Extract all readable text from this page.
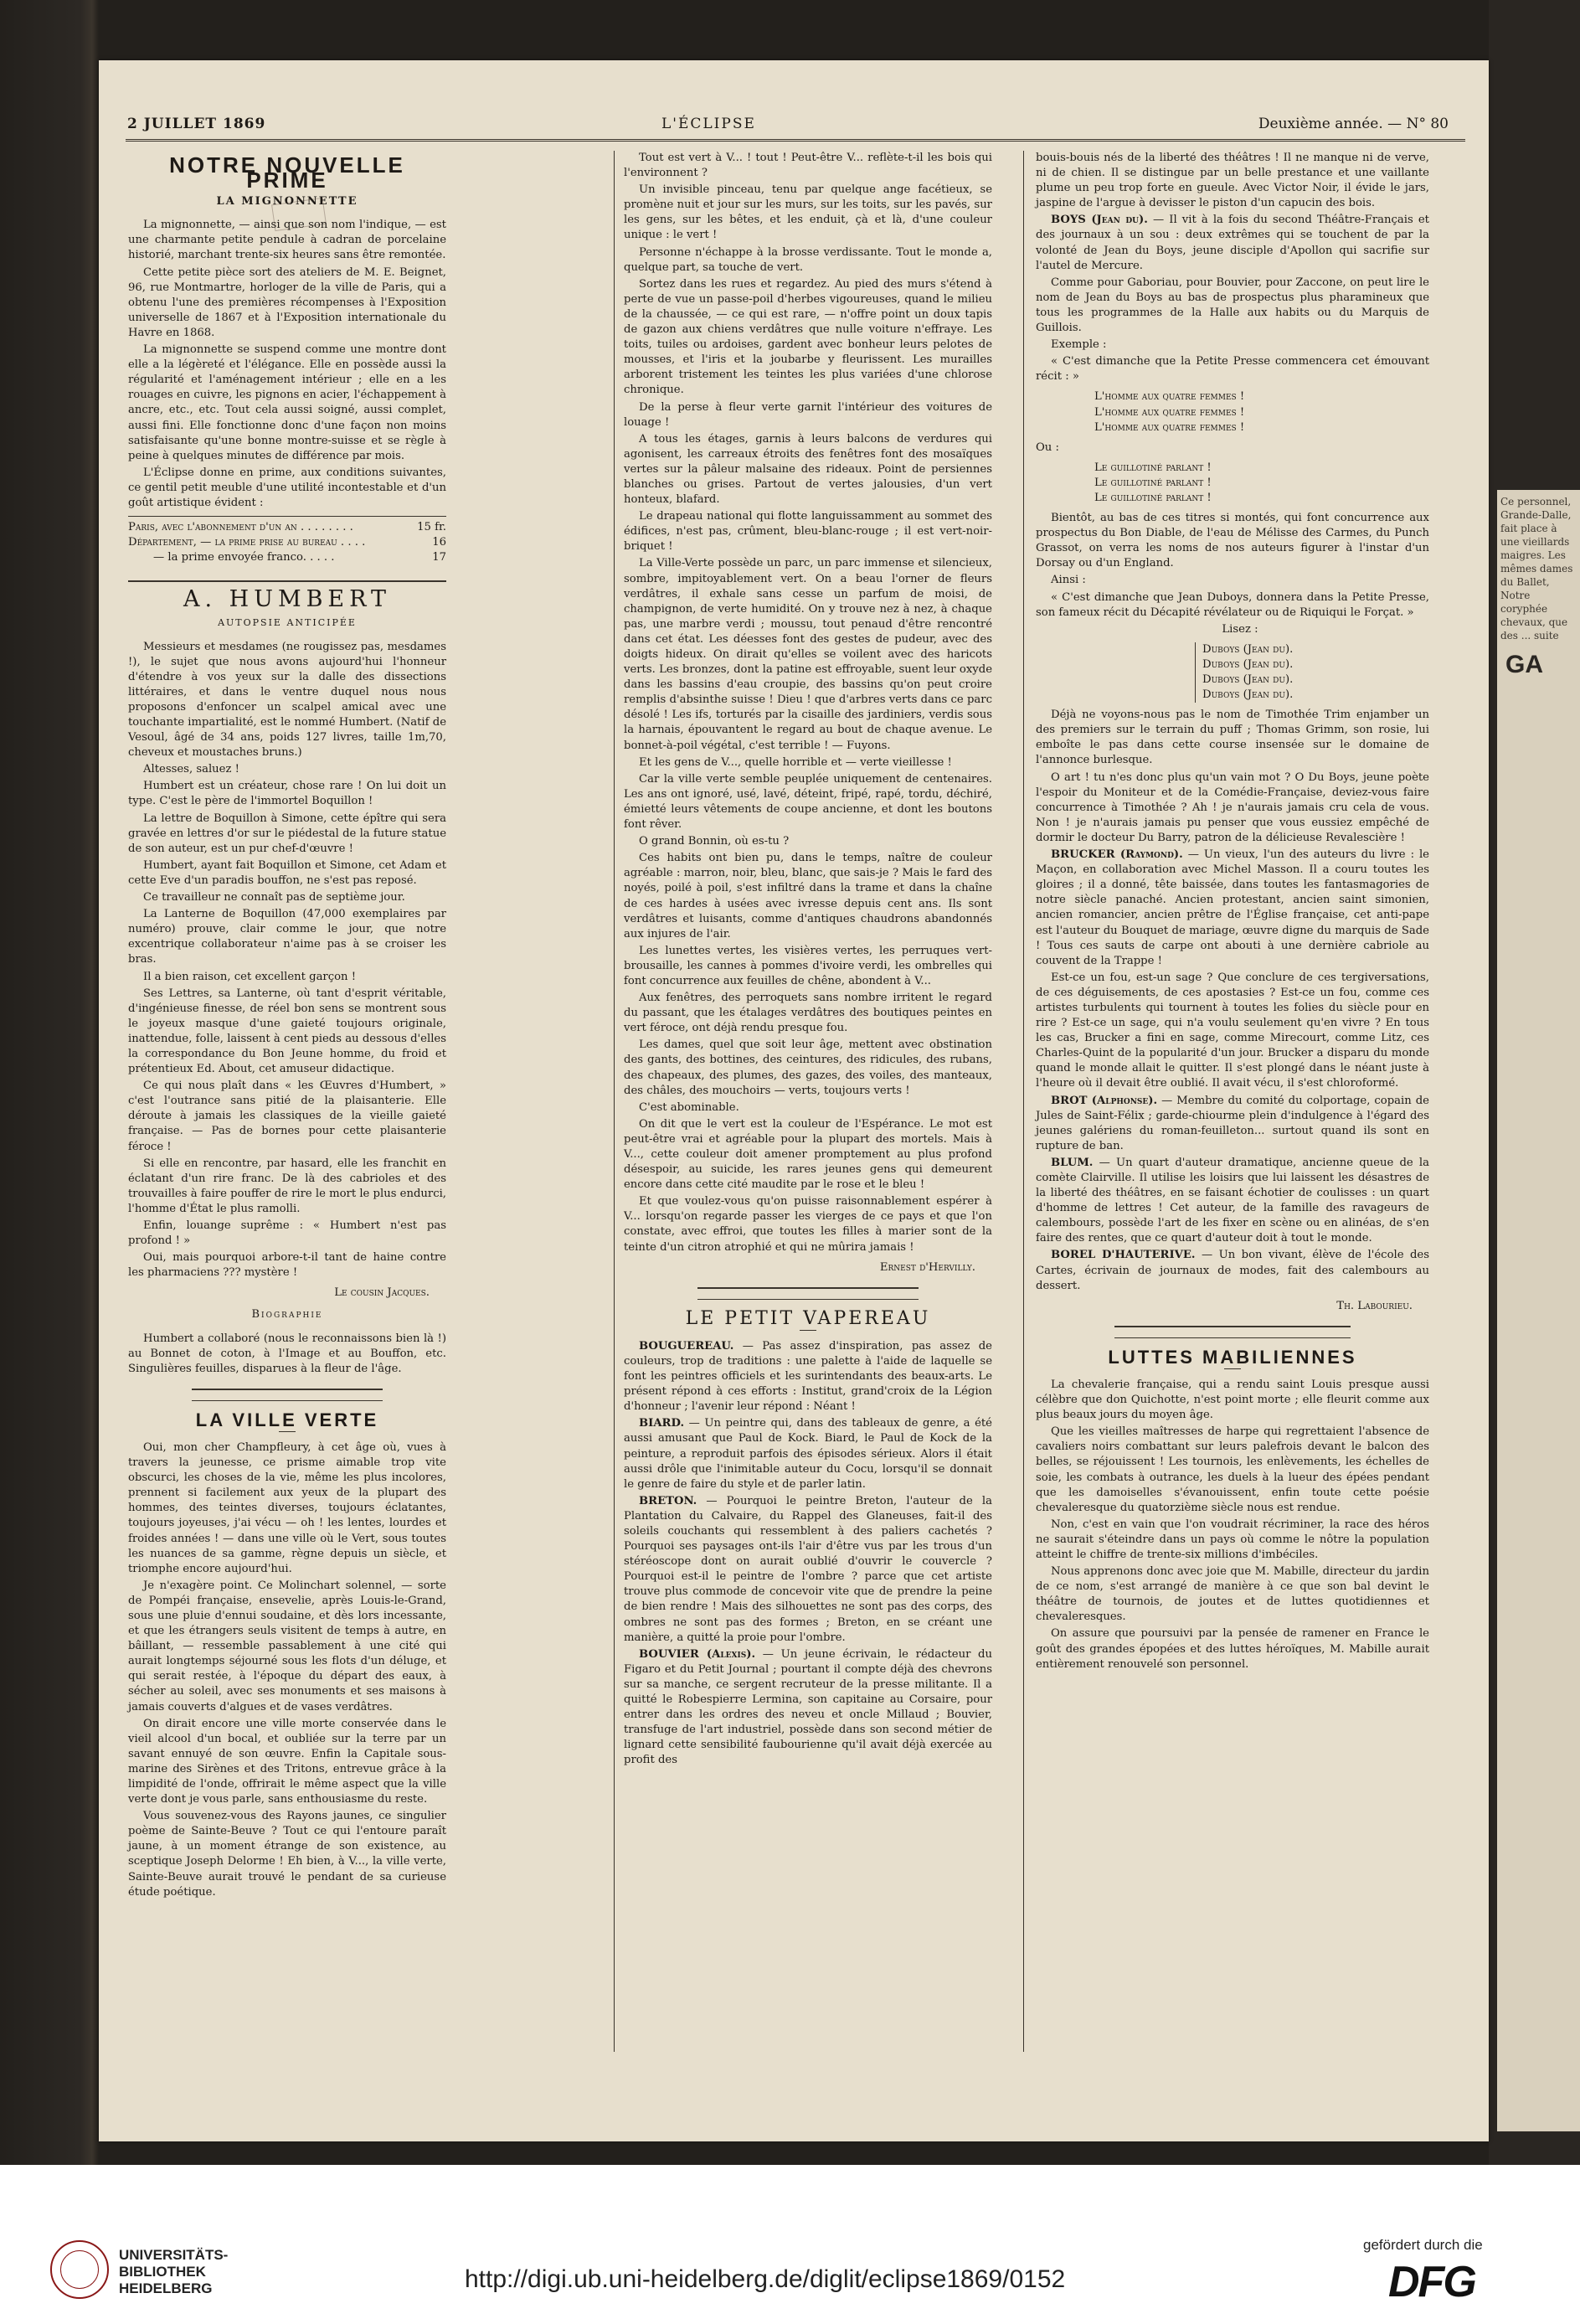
Ce personnel, Grande-Dalle, fait place à une vieillards maigres. Les mêmes dames du Ballet, Notre coryphée chevaux, que des ... suite
GA
2 JUILLET 1869	L'ÉCLIPSE	Deuxième année. — N° 80
NOTRE NOUVELLE PRIME
LA MIGNONNETTE

La mignonnette, — ainsi que son nom l'indique, — est une charmante petite pendule à cadran de porcelaine historié, marchant trente-six heures sans être remontée.

Cette petite pièce sort des ateliers de M. E. Beignet, 96, rue Montmartre, horloger de la ville de Paris, qui a obtenu l'une des premières récompenses à l'Exposition universelle de 1867 et à l'Exposition internationale du Havre en 1868.

La mignonnette se suspend comme une montre dont elle a la légèreté et l'élégance. Elle en possède aussi la régularité et l'aménagement intérieur ; elle en a les rouages en cuivre, les pignons en acier, l'échappement à ancre, etc., etc. Tout cela aussi soigné, aussi complet, aussi fini. Elle fonctionne donc d'une façon non moins satisfaisante qu'une bonne montre-suisse et se règle à peine à quelques minutes de différence par mois.

L'Éclipse donne en prime, aux conditions suivantes, ce gentil petit meuble d'une utilité incontestable et d'un goût artistique évident :

Paris, avec l'abonnement d'un an . . . . . . . .	15 fr.
Département, — la prime prise au bureau . . . .	16
— la prime envoyée franco. . . . .	17
A. HUMBERT
AUTOPSIE ANTICIPÉE

Messieurs et mesdames (ne rougissez pas, mesdames !), le sujet que nous avons aujourd'hui l'honneur d'étendre à vos yeux sur la dalle des dissections littéraires, et dans le ventre duquel nous nous proposons d'enfoncer un scalpel amical avec une touchante impartialité, est le nommé Humbert. (Natif de Vesoul, âgé de 34 ans, poids 127 livres, taille 1m,70, cheveux et moustaches bruns.)

Altesses, saluez !

Humbert est un créateur, chose rare ! On lui doit un type. C'est le père de l'immortel Boquillon !

La lettre de Boquillon à Simone, cette épître qui sera gravée en lettres d'or sur le piédestal de la future statue de son auteur, est un pur chef-d'œuvre !

Humbert, ayant fait Boquillon et Simone, cet Adam et cette Eve d'un paradis bouffon, ne s'est pas reposé.

Ce travailleur ne connaît pas de septième jour.

La Lanterne de Boquillon (47,000 exemplaires par numéro) prouve, clair comme le jour, que notre excentrique collaborateur n'aime pas à se croiser les bras.

Il a bien raison, cet excellent garçon !

Ses Lettres, sa Lanterne, où tant d'esprit véritable, d'ingénieuse finesse, de réel bon sens se montrent sous le joyeux masque d'une gaieté toujours originale, inattendue, folle, laissent à cent pieds au dessous d'elles la correspondance du Bon Jeune homme, du froid et prétentieux Ed. About, cet amuseur didactique.

Ce qui nous plaît dans « les Œuvres d'Humbert, » c'est l'outrance sans pitié de la plaisanterie. Elle déroute à jamais les classiques de la vieille gaieté française. — Pas de bornes pour cette plaisanterie féroce !

Si elle en rencontre, par hasard, elle les franchit en éclatant d'un rire franc. De là des cabrioles et des trouvailles à faire pouffer de rire le mort le plus endurci, l'homme d'État le plus ramolli.

Enfin, louange suprême : « Humbert n'est pas profond ! »

Oui, mais pourquoi arbore-t-il tant de haine contre les pharmaciens ??? mystère !

Le cousin Jacques.
Biographie

Humbert a collaboré (nous le reconnaissons bien là !) au Bonnet de coton, à l'Image et au Bouffon, etc. Singulières feuilles, disparues à la fleur de l'âge.

LA VILLE VERTE

Oui, mon cher Champfleury, à cet âge où, vues à travers la jeunesse, ce prisme aimable trop vite obscurci, les choses de la vie, même les plus incolores, prennent si facilement aux yeux de la plupart des hommes, des teintes diverses, toujours éclatantes, toujours joyeuses, j'ai vécu — oh ! les lentes, lourdes et froides années ! — dans une ville où le Vert, sous toutes les nuances de sa gamme, règne depuis un siècle, et triomphe encore aujourd'hui.

Je n'exagère point. Ce Molinchart solennel, — sorte de Pompéi française, ensevelie, après Louis-le-Grand, sous une pluie d'ennui soudaine, et dès lors incessante, et que les étrangers seuls visitent de temps à autre, en bâillant, — ressemble passablement à une cité qui aurait longtemps séjourné sous les flots d'un déluge, et qui serait restée, à l'époque du départ des eaux, à sécher au soleil, avec ses monuments et ses maisons à jamais couverts d'algues et de vases verdâtres.

On dirait encore une ville morte conservée dans le vieil alcool d'un bocal, et oubliée sur la terre par un savant ennuyé de son œuvre. Enfin la Capitale sous-marine des Sirènes et des Tritons, entrevue grâce à la limpidité de l'onde, offrirait le même aspect que la ville verte dont je vous parle, sans enthousiasme du reste.

Vous souvenez-vous des Rayons jaunes, ce singulier poème de Sainte-Beuve ? Tout ce qui l'entoure paraît jaune, à un moment étrange de son existence, au sceptique Joseph Delorme ! Eh bien, à V..., la ville verte, Sainte-Beuve aurait trouvé le pendant de sa curieuse étude poétique.

Tout est vert à V... ! tout ! Peut-être V... reflète-t-il les bois qui l'environnent ?

Un invisible pinceau, tenu par quelque ange facétieux, se promène nuit et jour sur les murs, sur les toits, sur les pavés, sur les gens, sur les bêtes, et les enduit, çà et là, d'une couleur unique : le vert !

Personne n'échappe à la brosse verdissante. Tout le monde a, quelque part, sa touche de vert.

Sortez dans les rues et regardez. Au pied des murs s'étend à perte de vue un passe-poil d'herbes vigoureuses, quand le milieu de la chaussée, — ce qui est rare, — n'offre point un doux tapis de gazon aux chiens verdâtres que nulle voiture n'effraye. Les toits, tuiles ou ardoises, gardent avec bonheur leurs pelotes de mousses, et l'iris et la joubarbe y fleurissent. Les murailles arborent tristement les teintes les plus variées d'une chlorose chronique.

De la perse à fleur verte garnit l'intérieur des voitures de louage !

A tous les étages, garnis à leurs balcons de verdures qui agonisent, les carreaux étroits des fenêtres font des mosaïques vertes sur la pâleur malsaine des rideaux. Point de persiennes blanches ou grises. Partout de vertes jalousies, d'un vert honteux, blafard.

Le drapeau national qui flotte languissamment au sommet des édifices, n'est pas, crûment, bleu-blanc-rouge ; il est vert-noir-briquet !

La Ville-Verte possède un parc, un parc immense et silencieux, sombre, impitoyablement vert. On a beau l'orner de fleurs verdâtres, il exhale sans cesse un parfum de moisi, de champignon, de verte humidité. On y trouve nez à nez, à chaque pas, une marbre verdi ; moussu, tout penaud d'être rencontré dans cet état. Les déesses font des gestes de pudeur, avec des doigts hideux. On dirait qu'elles se voilent avec des haricots verts. Les bronzes, dont la patine est effroyable, suent leur oxyde dans les bassins d'eau croupie, des bassins qu'on peut croire remplis d'absinthe suisse ! Dieu ! que d'arbres verts dans ce parc désolé ! Les ifs, torturés par la cisaille des jardiniers, verdis sous la harnais, épouvantent le regard au bout de chaque avenue. Le bonnet-à-poil végétal, c'est terrible ! — Fuyons.

Et les gens de V..., quelle horrible et — verte vieillesse !

Car la ville verte semble peuplée uniquement de centenaires. Les ans ont ignoré, usé, lavé, déteint, fripé, rapé, tordu, déchiré, émietté leurs vêtements de coupe ancienne, et dont les boutons font rêver.

O grand Bonnin, où es-tu ?

Ces habits ont bien pu, dans le temps, naître de couleur agréable : marron, noir, bleu, blanc, que sais-je ? Mais le fard des noyés, poilé à poil, s'est infiltré dans la trame et dans la chaîne de ces hardes à usées avec ivresse depuis cent ans. Ils sont verdâtres et luisants, comme d'antiques chaudrons abandonnés aux injures de l'air.

Les lunettes vertes, les visières vertes, les perruques vert-brousaille, les cannes à pommes d'ivoire verdi, les ombrelles qui font concurrence aux feuilles de chêne, abondent à V...

Aux fenêtres, des perroquets sans nombre irritent le regard du passant, que les étalages verdâtres des boutiques peintes en vert féroce, ont déjà rendu presque fou.

Les dames, quel que soit leur âge, mettent avec obstination des gants, des bottines, des ceintures, des ridicules, des rubans, des chapeaux, des plumes, des gazes, des voiles, des manteaux, des châles, des mouchoirs — verts, toujours verts !

C'est abominable.

On dit que le vert est la couleur de l'Espérance. Le mot est peut-être vrai et agréable pour la plupart des mortels. Mais à V..., cette couleur doit amener promptement au plus profond désespoir, au suicide, les rares jeunes gens qui demeurent encore dans cette cité maudite par le rose et le bleu !

Et que voulez-vous qu'on puisse raisonnablement espérer à V... lorsqu'on regarde passer les vierges de ce pays et que l'on constate, avec effroi, que toutes les filles à marier sont de la teinte d'un citron atrophié et qui ne mûrira jamais !

Ernest d'Hervilly.
LE PETIT VAPEREAU

BOUGUEREAU. — Pas assez d'inspiration, pas assez de couleurs, trop de traditions : une palette à l'aide de laquelle se font les peintres officiels et les surintendants des beaux-arts. Le présent répond à ces efforts : Institut, grand'croix de la Légion d'honneur ; l'avenir leur répond : Néant !

BIARD. — Un peintre qui, dans des tableaux de genre, a été aussi amusant que Paul de Kock. Biard, le Paul de Kock de la peinture, a reproduit parfois des épisodes sérieux. Alors il était aussi drôle que l'inimitable auteur du Cocu, lorsqu'il se donnait le genre de faire du style et de parler latin.

BRETON. — Pourquoi le peintre Breton, l'auteur de la Plantation du Calvaire, du Rappel des Glaneuses, fait-il des soleils couchants qui ressemblent à des paliers cachetés ? Pourquoi ses paysages ont-ils l'air d'être vus par les trous d'un stéréoscope dont on aurait oublié d'ouvrir le couvercle ? Pourquoi est-il le peintre de l'ombre ? parce que cet artiste trouve plus commode de concevoir vite que de prendre la peine de bien rendre ! Mais des silhouettes ne sont pas des corps, des ombres ne sont pas des formes ; Breton, en se créant une manière, a quitté la proie pour l'ombre.

BOUVIER (Alexis). — Un jeune écrivain, le rédacteur du Figaro et du Petit Journal ; pourtant il compte déjà des chevrons sur sa manche, ce sergent recruteur de la presse militante. Il a quitté le Robespierre Lermina, son capitaine au Corsaire, pour entrer dans les ordres des neveu et oncle Millaud ; Bouvier, transfuge de l'art industriel, possède dans son second métier de lignard cette sensibilité faubourienne qu'il avait déjà exercée au profit des

bouis-bouis nés de la liberté des théâtres ! Il ne manque ni de verve, ni de chien. Il se distingue par un belle prestance et une vaillante plume un peu trop forte en gueule. Avec Victor Noir, il évide le jars, jaspine de l'argue à devisser le piston d'un capucin des bois.

BOYS (Jean du). — Il vit à la fois du second Théâtre-Français et des journaux à un sou : deux extrêmes qui se touchent de par la volonté de Jean du Boys, jeune disciple d'Apollon qui sacrifie sur l'autel de Mercure.

Comme pour Gaboriau, pour Bouvier, pour Zaccone, on peut lire le nom de Jean du Boys au bas de prospectus plus pharamineux que tous les programmes de la Halle aux habits ou du Marquis de Guillois.

Exemple :

« C'est dimanche que la Petite Presse commencera cet émouvant récit : »

L'homme aux quatre femmes !
L'homme aux quatre femmes !
L'homme aux quatre femmes !

Ou :

Le guillotiné parlant !
Le guillotiné parlant !
Le guillotiné parlant !

Bientôt, au bas de ces titres si montés, qui font concurrence aux prospectus du Bon Diable, de l'eau de Mélisse des Carmes, du Punch Grassot, on verra les noms de nos auteurs figurer à l'instar d'un Dorsay ou d'un England.

Ainsi :

« C'est dimanche que Jean Duboys, donnera dans la Petite Presse, son fameux récit du Décapité révélateur ou de Riquiqui le Forçat. »

Lisez :

Duboys (Jean du).
Duboys (Jean du).
Duboys (Jean du).
Duboys (Jean du).

Déjà ne voyons-nous pas le nom de Timothée Trim enjamber un des premiers sur le terrain du puff ; Thomas Grimm, son rosie, lui emboîte le pas dans cette course insensée sur le domaine de l'annonce burlesque.

O art ! tu n'es donc plus qu'un vain mot ? O Du Boys, jeune poète l'espoir du Moniteur et de la Comédie-Française, deviez-vous faire concurrence à Timothée ? Ah ! je n'aurais jamais cru cela de vous. Non ! je n'aurais jamais pu penser que vous eussiez empêché de dormir le docteur Du Barry, patron de la délicieuse Revalescière !

BRUCKER (Raymond). — Un vieux, l'un des auteurs du livre : le Maçon, en collaboration avec Michel Masson. Il a couru toutes les gloires ; il a donné, tête baissée, dans toutes les fantasmagories de notre siècle panaché. Ancien protestant, ancien saint simonien, ancien romancier, ancien prêtre de l'Église française, cet anti-pape est l'auteur du Bouquet de mariage, œuvre digne du marquis de Sade ! Tous ces sauts de carpe ont abouti à une dernière cabriole au couvent de la Trappe !

Est-ce un fou, est-un sage ? Que conclure de ces tergiversations, de ces déguisements, de ces apostasies ? Est-ce un fou, comme ces artistes turbulents qui tournent à toutes les folies du siècle pour en rire ? Est-ce un sage, qui n'a voulu seulement qu'en vivre ? En tous les cas, Brucker a fini en sage, comme Mirecourt, comme Litz, ces Charles-Quint de la popularité d'un jour. Brucker a disparu du monde quand le monde allait le quitter. Il s'est plongé dans le néant juste à l'heure où il devait être oublié. Il avait vécu, il s'est chloroformé.

BROT (Alphonse). — Membre du comité du colportage, copain de Jules de Saint-Félix ; garde-chiourme plein d'indulgence à l'égard des jeunes galériens du roman-feuilleton... surtout quand ils sont en rupture de ban.

BLUM. — Un quart d'auteur dramatique, ancienne queue de la comète Clairville. Il utilise les loisirs que lui laissent les désastres de la liberté des théâtres, en se faisant échotier de coulisses : un quart d'homme de lettres ! Cet auteur, de la famille des ravageurs de calembours, possède l'art de les fixer en scène ou en alinéas, de s'en faire des rentes, que ce quart d'auteur doit à tout le monde.

BOREL D'HAUTERIVE. — Un bon vivant, élève de l'école des Cartes, écrivain de journaux de modes, fait des calembours au dessert.

Th. Labourieu.
LUTTES MABILIENNES

La chevalerie française, qui a rendu saint Louis presque aussi célèbre que don Quichotte, n'est point morte ; elle fleurit comme aux plus beaux jours du moyen âge.

Que les vieilles maîtresses de harpe qui regrettaient l'absence de cavaliers noirs combattant sur leurs palefrois devant le balcon des belles, se réjouissent ! Les tournois, les enlèvements, les échelles de soie, les combats à outrance, les duels à la lueur des épées pendant que les damoiselles s'évanouissent, enfin toute cette poésie chevaleresque du quatorzième siècle nous est rendue.

Non, c'est en vain que l'on voudrait récriminer, la race des héros ne saurait s'éteindre dans un pays où comme le nôtre la population atteint le chiffre de trente-six millions d'imbéciles.

Nous apprenons donc avec joie que M. Mabille, directeur du jardin de ce nom, s'est arrangé de manière à ce que son bal devint le théâtre de tournois, de joutes et de luttes quotidiennes et chevaleresques.

On assure que poursuivi par la pensée de ramener en France le goût des grandes épopées et des luttes héroïques, M. Mabille aurait entièrement renouvelé son personnel.

UNIVERSITÄTS-
BIBLIOTHEK
HEIDELBERG	http://digi.ub.uni-heidelberg.de/diglit/eclipse1869/0152
gefördert durch die
DFG
